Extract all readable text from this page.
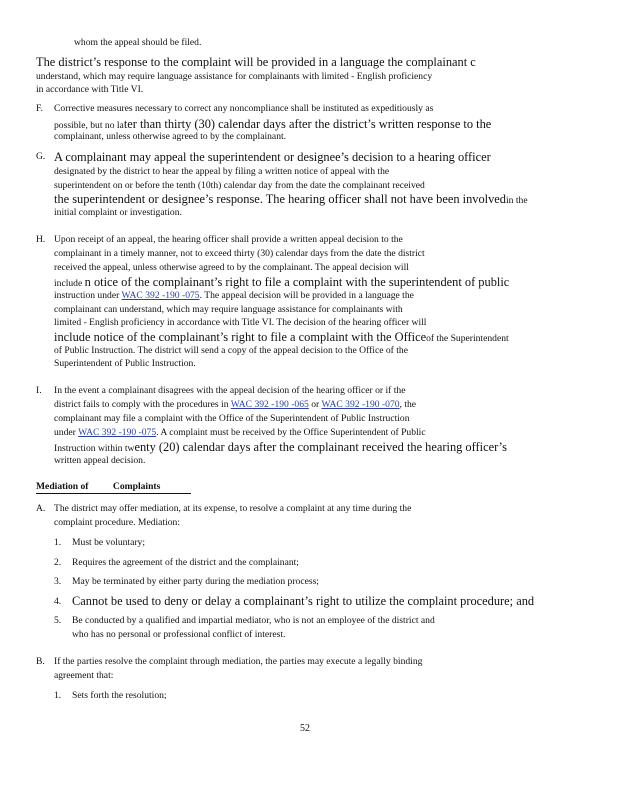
whom the appeal should be filed.
The district’s response to the complaint will be provided in a language the complainant c
understand, which may require language assistance for complainants with limited - English proficiency
in accordance with Title VI.
F. Corrective measures necessary to correct any noncompliance shall be instituted as expeditiously as
possible, but no later than thirty (30) calendar days after the district’s written response to the
complainant, unless otherwise agreed to by the complainant.
G. A complainant may appeal the superintendent or designee’s decision to a hearing officer
designated by the district to hear the appeal by filing a written notice of appeal with the
superintendent on or before the tenth (10th) calendar day from the date the complainant received
the superintendent or designee’s response. The hearing officer shall not have been involvedin the
initial complaint or investigation.
H. Upon receipt of an appeal, the hearing officer shall provide a written appeal decision to the
complainant in a timely manner, not to exceed thirty (30) calendar days from the date the district
received the appeal, unless otherwise agreed to by the complainant. The appeal decision will
include n otice of the complainant’s right to file a complaint with the superintendent of public
instruction under WAC 392 -190 -075. The appeal decision will be provided in a language the
complainant can understand, which may require language assistance for complainants with
limited - English proficiency in accordance with Title VI. The decision of the hearing officer will
include notice of the complainant’s right to file a complaint with the Officeof the Superintendent
of Public Instruction. The district will send a copy of the appeal decision to the Office of the
Superintendent of Public Instruction.
I. In the event a complainant disagrees with the appeal decision of the hearing officer or if the
district fails to comply with the procedures in WAC 392 -190 -065 or WAC 392 -190 -070, the
complainant may file a complaint with the Office of the Superintendent of Public Instruction
under WAC 392 -190 -075. A complaint must be received by the Office Superintendent of Public
Instruction within twenty (20) calendar days after the complainant received the hearing officer’s
written appeal decision.
Mediation of	Complaints
A. The district may offer mediation, at its expense, to resolve a complaint at any time during the
complaint procedure. Mediation:
1. Must be voluntary;
2. Requires the agreement of the district and the complainant;
3. May be terminated by either party during the mediation process;
4. Cannot be used to deny or delay a complainant’s right to utilize the complaint procedure; and
5. Be conducted by a qualified and impartial mediator, who is not an employee of the district and
who has no personal or professional conflict of interest.
B. If the parties resolve the complaint through mediation, the parties may execute a legally binding
agreement that:
1. Sets forth the resolution;
52
